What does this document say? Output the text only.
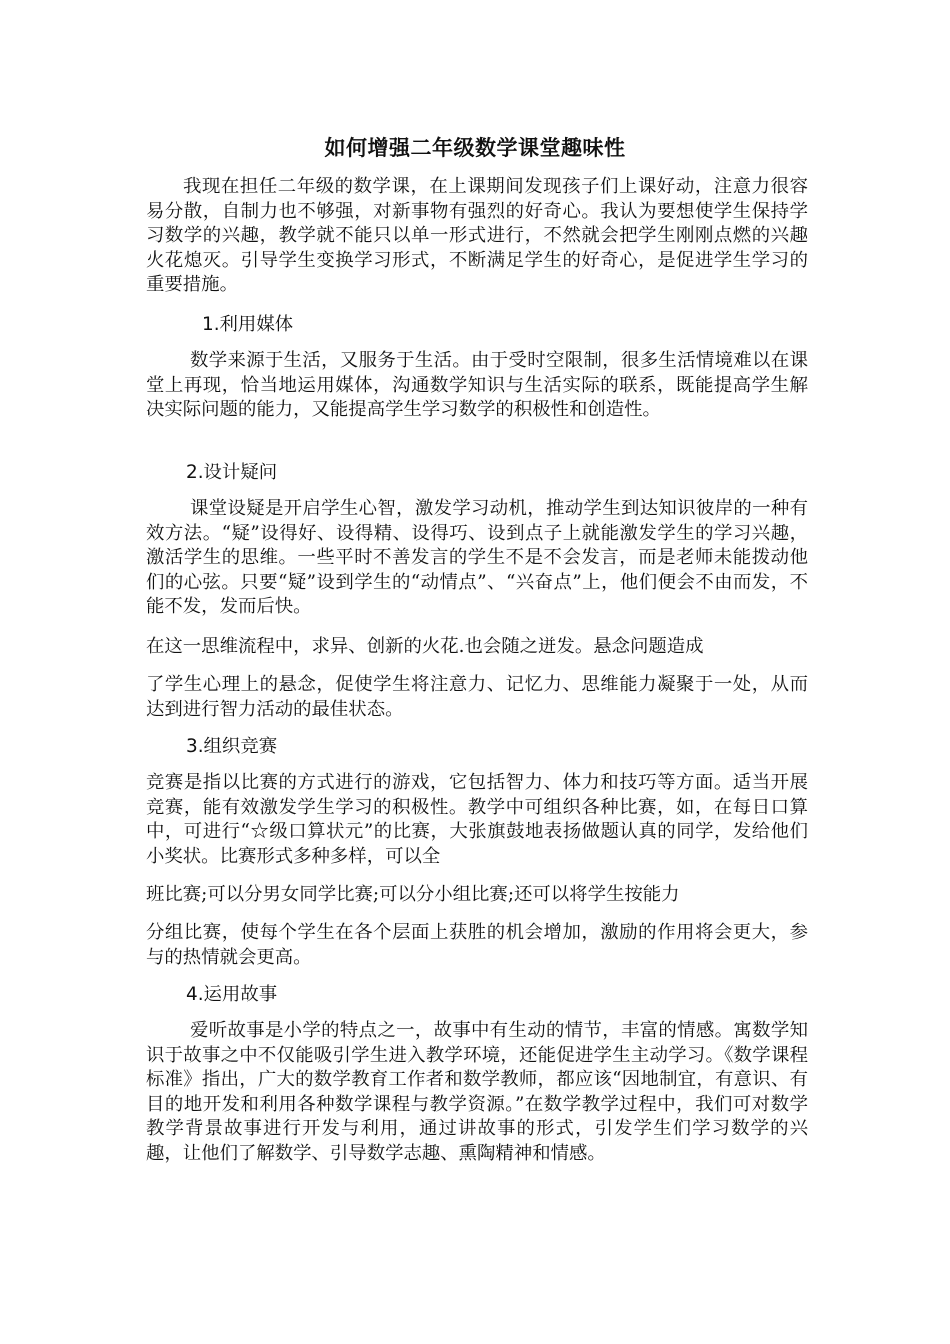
如何增强二年级数学课堂趣味性

我现在担任二年级的数学课，在上课期间发现孩子们上课好动，注意力很容易分散，自制力也不够强，对新事物有强烈的好奇心。我认为要想使学生保持学习数学的兴趣，教学就不能只以单一形式进行，不然就会把学生刚刚点燃的兴趣火花熄灭。引导学生变换学习形式，不断满足学生的好奇心，是促进学生学习的重要措施。

1.利用媒体

数学来源于生活，又服务于生活。由于受时空限制，很多生活情境难以在课堂上再现，恰当地运用媒体，沟通数学知识与生活实际的联系，既能提高学生解决实际问题的能力，又能提高学生学习数学的积极性和创造性。

2.设计疑问

课堂设疑是开启学生心智，激发学习动机，推动学生到达知识彼岸的一种有效方法。“疑”设得好、设得精、设得巧、设到点子上就能激发学生的学习兴趣，激活学生的思维。一些平时不善发言的学生不是不会发言，而是老师未能拨动他们的心弦。只要“疑”设到学生的“动情点”、“兴奋点”上，他们便会不由而发，不能不发，发而后快。

在这一思维流程中，求异、创新的火花.也会随之迸发。悬念问题造成

了学生心理上的悬念，促使学生将注意力、记忆力、思维能力凝聚于一处，从而达到进行智力活动的最佳状态。

3.组织竞赛

竞赛是指以比赛的方式进行的游戏，它包括智力、体力和技巧等方面。适当开展竞赛，能有效激发学生学习的积极性。教学中可组织各种比赛，如，在每日口算中，可进行“☆级口算状元”的比赛，大张旗鼓地表扬做题认真的同学，发给他们小奖状。比赛形式多种多样，可以全

班比赛;可以分男女同学比赛;可以分小组比赛;还可以将学生按能力

分组比赛，使每个学生在各个层面上获胜的机会增加，激励的作用将会更大，参与的热情就会更高。

4.运用故事

爱听故事是小学的特点之一，故事中有生动的情节，丰富的情感。寓数学知识于故事之中不仅能吸引学生进入教学环境，还能促进学生主动学习。《数学课程标准》指出，广大的数学教育工作者和数学教师，都应该“因地制宜，有意识、有目的地开发和利用各种数学课程与教学资源。”在数学教学过程中，我们可对数学教学背景故事进行开发与利用，通过讲故事的形式，引发学生们学习数学的兴趣，让他们了解数学、引导数学志趣、熏陶精神和情感。
